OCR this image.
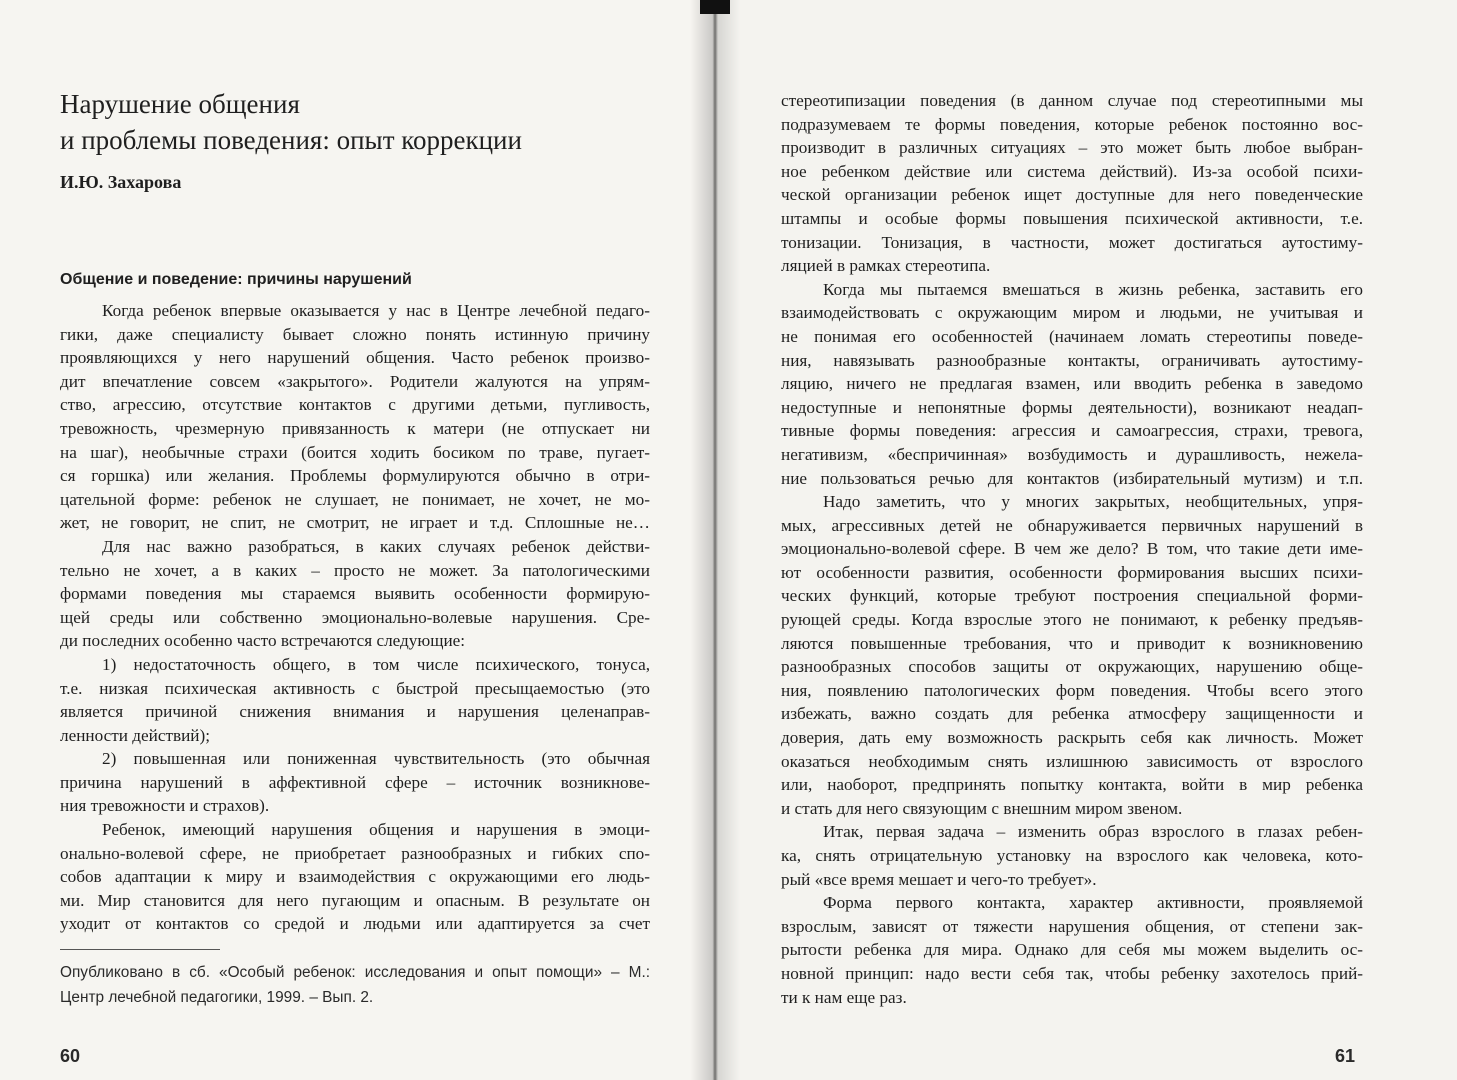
Нарушение общения
и проблемы поведения: опыт коррекции
И.Ю. Захарова
Общение и поведение: причины нарушений
Когда ребенок впервые оказывается у нас в Центре лечебной педаго-
гики, даже специалисту бывает сложно понять истинную причину
проявляющихся у него нарушений общения. Часто ребенок произво-
дит впечатление совсем «закрытого». Родители жалуются на упрям-
ство, агрессию, отсутствие контактов с другими детьми, пугливость,
тревожность, чрезмерную привязанность к матери (не отпускает ни
на шаг), необычные страхи (боится ходить босиком по траве, пугает-
ся горшка) или желания. Проблемы формулируются обычно в отри-
цательной форме: ребенок не слушает, не понимает, не хочет, не мо-
жет, не говорит, не спит, не смотрит, не играет и т.д. Сплошные не…
Для нас важно разобраться, в каких случаях ребенок действи-
тельно не хочет, а в каких – просто не может. За патологическими
формами поведения мы стараемся выявить особенности формирую-
щей среды или собственно эмоционально-волевые нарушения. Сре-
ди последних особенно часто встречаются следующие:
1) недостаточность общего, в том числе психического, тонуса,
т.е. низкая психическая активность с быстрой пресыщаемостью (это
является причиной снижения внимания и нарушения целенаправ-
ленности действий);
2) повышенная или пониженная чувствительность (это обычная
причина нарушений в аффективной сфере – источник возникнове-
ния тревожности и страхов).
Ребенок, имеющий нарушения общения и нарушения в эмоци-
онально-волевой сфере, не приобретает разнообразных и гибких спо-
собов адаптации к миру и взаимодействия с окружающими его людь-
ми. Мир становится для него пугающим и опасным. В результате он
уходит от контактов со средой и людьми или адаптируется за счет
Опубликовано в сб. «Особый ребенок: исследования и опыт помощи» – М.:
Центр лечебной педагогики, 1999. – Вып. 2.
60	61
стереотипизации поведения (в данном случае под стереотипными мы
подразумеваем те формы поведения, которые ребенок постоянно вос-
производит в различных ситуациях – это может быть любое выбран-
ное ребенком действие или система действий). Из-за особой психи-
ческой организации ребенок ищет доступные для него поведенческие
штампы и особые формы повышения психической активности, т.е.
тонизации. Тонизация, в частности, может достигаться аутостиму-
ляцией в рамках стереотипа.
Когда мы пытаемся вмешаться в жизнь ребенка, заставить его
взаимодействовать с окружающим миром и людьми, не учитывая и
не понимая его особенностей (начинаем ломать стереотипы поведе-
ния, навязывать разнообразные контакты, ограничивать аутостиму-
ляцию, ничего не предлагая взамен, или вводить ребенка в заведомо
недоступные и непонятные формы деятельности), возникают неадап-
тивные формы поведения: агрессия и самоагрессия, страхи, тревога,
негативизм, «беспричинная» возбудимость и дурашливость, нежела-
ние пользоваться речью для контактов (избирательный мутизм) и т.п.
Надо заметить, что у многих закрытых, необщительных, упря-
мых, агрессивных детей не обнаруживается первичных нарушений в
эмоционально-волевой сфере. В чем же дело? В том, что такие дети име-
ют особенности развития, особенности формирования высших психи-
ческих функций, которые требуют построения специальной форми-
рующей среды. Когда взрослые этого не понимают, к ребенку предъяв-
ляются повышенные требования, что и приводит к возникновению
разнообразных способов защиты от окружающих, нарушению обще-
ния, появлению патологических форм поведения. Чтобы всего этого
избежать, важно создать для ребенка атмосферу защищенности и
доверия, дать ему возможность раскрыть себя как личность. Может
оказаться необходимым снять излишнюю зависимость от взрослого
или, наоборот, предпринять попытку контакта, войти в мир ребенка
и стать для него связующим с внешним миром звеном.
Итак, первая задача – изменить образ взрослого в глазах ребен-
ка, снять отрицательную установку на взрослого как человека, кото-
рый «все время мешает и чего-то требует».
Форма первого контакта, характер активности, проявляемой
взрослым, зависят от тяжести нарушения общения, от степени зак-
рытости ребенка для мира. Однако для себя мы можем выделить ос-
новной принцип: надо вести себя так, чтобы ребенку захотелось прий-
ти к нам еще раз.
